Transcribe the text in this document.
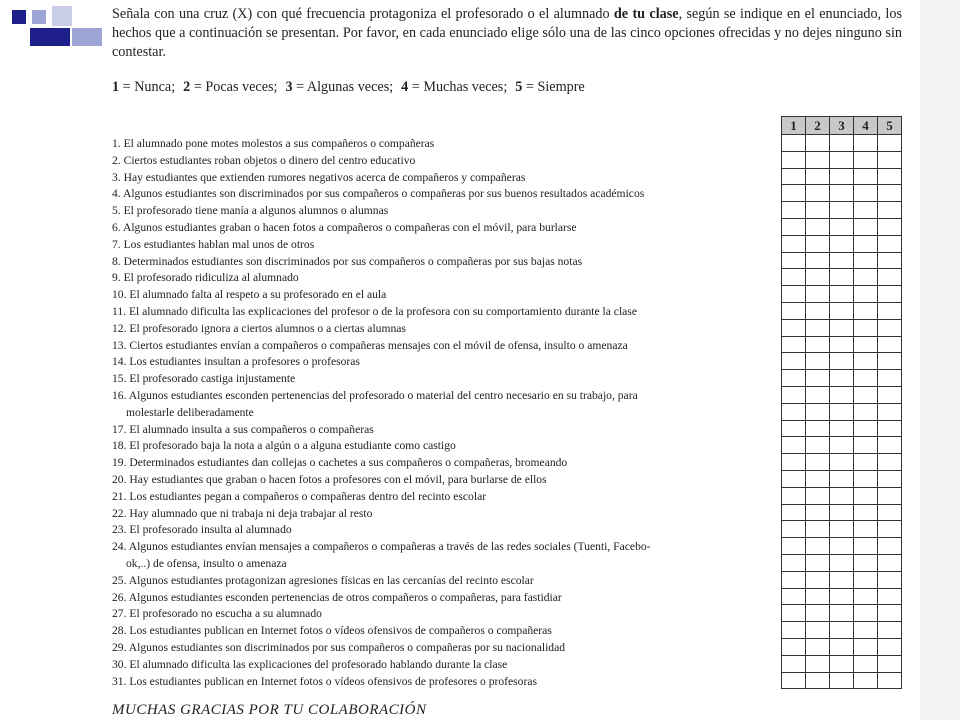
Señala con una cruz (X) con qué frecuencia protagoniza el profesorado o el alumnado de tu clase, según se indique en el enunciado, los hechos que a continuación se presentan. Por favor, en cada enunciado elige sólo una de las cinco opciones ofrecidas y no dejes ninguno sin contestar.
1 = Nunca; 2 = Pocas veces; 3 = Algunas veces; 4 = Muchas veces; 5 = Siempre
1. El alumnado pone motes molestos a sus compañeros o compañeras
2. Ciertos estudiantes roban objetos o dinero del centro educativo
3. Hay estudiantes que extienden rumores negativos acerca de compañeros y compañeras
4. Algunos estudiantes son discriminados por sus compañeros o compañeras por sus buenos resultados académicos
5. El profesorado tiene manía a algunos alumnos o alumnas
6. Algunos estudiantes graban o hacen fotos a compañeros o compañeras con el móvil, para burlarse
7. Los estudiantes hablan mal unos de otros
8. Determinados estudiantes son discriminados por sus compañeros o compañeras por sus bajas notas
9. El profesorado ridiculiza al alumnado
10. El alumnado falta al respeto a su profesorado en el aula
11. El alumnado dificulta las explicaciones del profesor o de la profesora con su comportamiento durante la clase
12. El profesorado ignora a ciertos alumnos o a ciertas alumnas
13. Ciertos estudiantes envían a compañeros o compañeras mensajes con el móvil de ofensa, insulto o amenaza
14. Los estudiantes insultan a profesores o profesoras
15. El profesorado castiga injustamente
16. Algunos estudiantes esconden pertenencias del profesorado o material del centro necesario en su trabajo, para
molestarle deliberadamente
17. El alumnado insulta a sus compañeros o compañeras
18. El profesorado baja la nota a algún o a alguna estudiante como castigo
19. Determinados estudiantes dan collejas o cachetes a sus compañeros o compañeras, bromeando
20. Hay estudiantes que graban o hacen fotos a profesores con el móvil, para burlarse de ellos
21. Los estudiantes pegan a compañeros o compañeras dentro del recinto escolar
22. Hay alumnado que ni trabaja ni deja trabajar al resto
23. El profesorado insulta al alumnado
24. Algunos estudiantes envían mensajes a compañeros o compañeras a través de las redes sociales (Tuenti, Facebo-
ok,..) de ofensa, insulto o amenaza
25. Algunos estudiantes protagonizan agresiones físicas en las cercanías del recinto escolar
26. Algunos estudiantes esconden pertenencias de otros compañeros o compañeras, para fastidiar
27. El profesorado no escucha a su alumnado
28. Los estudiantes publican en Internet fotos o vídeos ofensivos de compañeros o compañeras
29. Algunos estudiantes son discriminados por sus compañeros o compañeras por su nacionalidad
30. El alumnado dificulta las explicaciones del profesorado hablando durante la clase
31. Los estudiantes publican en Internet fotos o vídeos ofensivos de profesores o profesoras
1	2	3	4	5

MUCHAS GRACIAS POR TU COLABORACIÓN
